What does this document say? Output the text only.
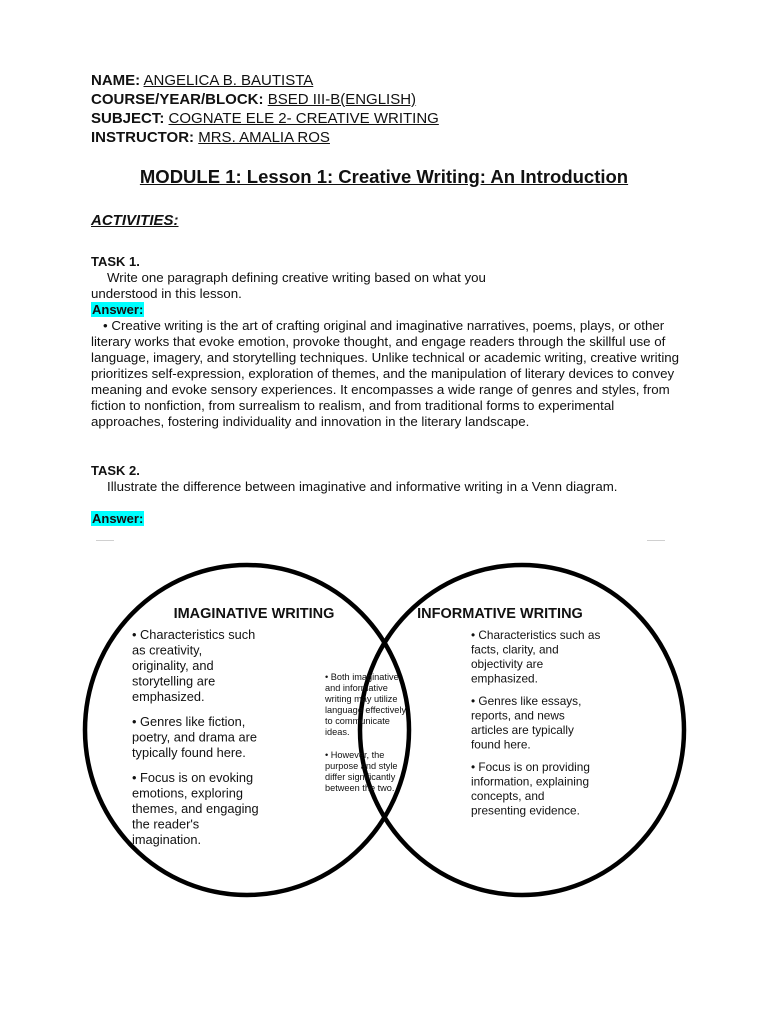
NAME: ANGELICA B. BAUTISTA
COURSE/YEAR/BLOCK: BSED III-B(ENGLISH)
SUBJECT: COGNATE ELE 2- CREATIVE WRITING
INSTRUCTOR: MRS. AMALIA ROS
MODULE 1: Lesson 1: Creative Writing: An Introduction
ACTIVITIES:
TASK 1.
Write one paragraph defining creative writing based on what you understood in this lesson.
Answer:
• Creative writing is the art of crafting original and imaginative narratives, poems, plays, or other literary works that evoke emotion, provoke thought, and engage readers through the skillful use of language, imagery, and storytelling techniques. Unlike technical or academic writing, creative writing prioritizes self-expression, exploration of themes, and the manipulation of literary devices to convey meaning and evoke sensory experiences. It encompasses a wide range of genres and styles, from fiction to nonfiction, from surrealism to realism, and from traditional forms to experimental approaches, fostering individuality and innovation in the literary landscape.
TASK 2.
Illustrate the difference between imaginative and informative writing in a Venn diagram.
Answer:
IMAGINATIVE WRITING	INFORMATIVE WRITING
• Characteristics such as creativity, originality, and storytelling are emphasized.
• Genres like fiction, poetry, and drama are typically found here.
• Focus is on evoking emotions, exploring themes, and engaging the reader's imagination.
• Characteristics such as facts, clarity, and objectivity are emphasized.
• Genres like essays, reports, and news articles are typically found here.
• Focus is on providing information, explaining concepts, and presenting evidence.
• Both imaginative and informative writing may utilize language effectively to communicate ideas.
• However, the purpose and style differ significantly between the two.
